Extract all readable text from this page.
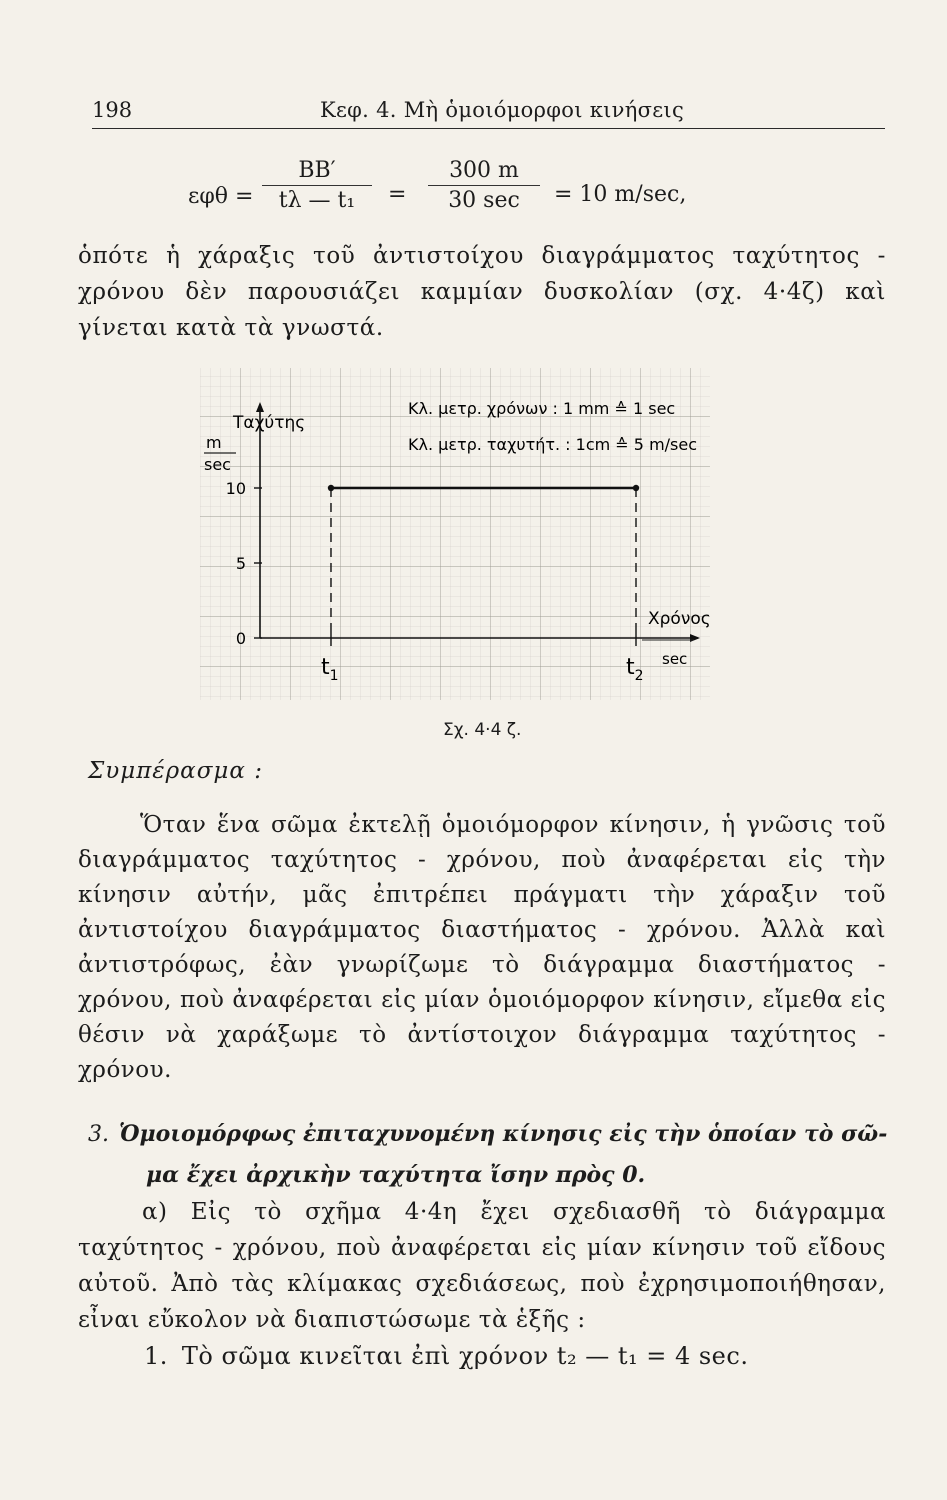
198	Κεφ. 4. Μὴ ὁμοιόμορφοι κινήσεις
εφθ =
ΒΒ′
tλ — t₁	=
300 m
30 sec	= 10 m/sec,
ὁπότε ἡ χάραξις τοῦ ἀντιστοίχου διαγράμματος ταχύτητος - χρόνου δὲν παρουσιάζει καμμίαν δυσκολίαν (σχ. 4·4ζ) καὶ γίνεται κατὰ τὰ γνωστά.
0
5
10
$t_1$	$t_2$
Ταχύτης
m
sec
Κλ. μετρ. χρόνων : 1 mm ≙ 1 sec
Κλ. μετρ. ταχυτήτ. : 1cm ≙ 5 m/sec
Χρόνος
sec
Σχ. 4·4 ζ.
Συμπέρασμα :
Ὅταν ἕνα σῶμα ἐκτελῇ ὁμοιόμορφον κίνησιν, ἡ γνῶσις τοῦ διαγράμματος ταχύτητος - χρόνου, ποὺ ἀναφέρεται εἰς τὴν κίνησιν αὐτήν, μᾶς ἐπιτρέπει πράγματι τὴν χάραξιν τοῦ ἀντιστοίχου διαγράμματος διαστήματος - χρόνου. Ἀλλὰ καὶ ἀντιστρόφως, ἐὰν γνωρίζωμε τὸ διάγραμμα διαστήματος - χρόνου, ποὺ ἀναφέρεται εἰς μίαν ὁμοιόμορφον κίνησιν, εἴμεθα εἰς θέσιν νὰ χαράξωμε τὸ ἀντίστοιχον διάγραμμα ταχύτητος - χρόνου.
3. Ὁμοιομόρφως ἐπιταχυνομένη κίνησις εἰς τὴν ὁποίαν τὸ σῶ-
μα ἔχει ἀρχικὴν ταχύτητα ἴσην πρὸς 0.
α) Εἰς τὸ σχῆμα 4·4η ἔχει σχεδιασθῆ τὸ διάγραμμα ταχύτητος - χρόνου, ποὺ ἀναφέρεται εἰς μίαν κίνησιν τοῦ εἴδους αὐτοῦ. Ἀπὸ τὰς κλίμακας σχεδιάσεως, ποὺ ἐχρησιμοποιήθησαν, εἶναι εὔκολον νὰ διαπιστώσωμε τὰ ἑξῆς :
1. Τὸ σῶμα κινεῖται ἐπὶ χρόνον t₂ — t₁ = 4 sec.
